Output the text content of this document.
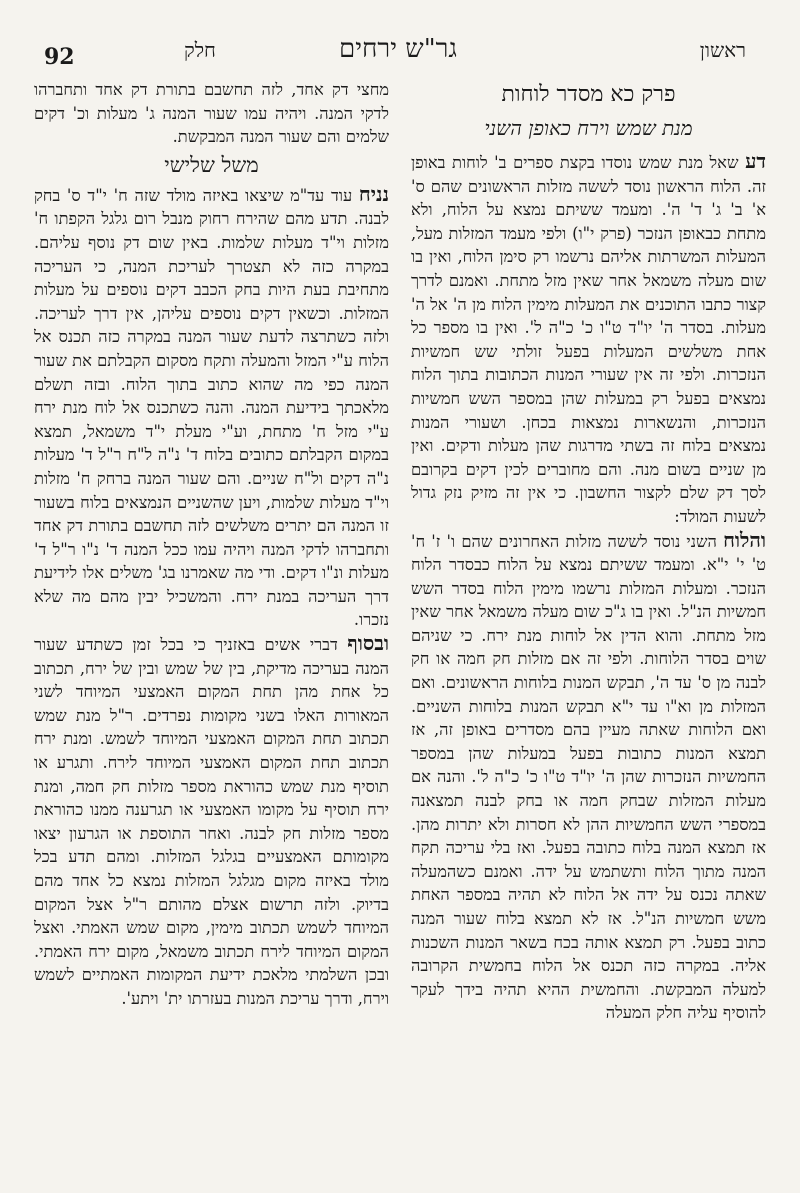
92	חלק	גר"ש ירחים	ראשון
פרק כא מסדר לוחות
מנת שמש וירח כאופן השני

דע שאל מנת שמש נוסדו בקצת ספרים ב' לוחות באופן זה. הלוח הראשון נוסד לששה מזלות הראשונים שהם ס' א' ב' ג' ד' ה'. ומעמד ששיתם נמצא על הלוח, ולא מתחת כבאופן הנזכר (פרק י"ו) ולפי מעמד המזלות מעל, המעלות המשרתות אליהם נרשמו רק סימן הלוח, ואין בו שום מעלה משמאל אחר שאין מזל מתחת. ואמנם לדרך קצור כתבו התוכנים את המעלות מימין הלוח מן ה' אל ה' מעלות. בסדר ה' יו"ד ט"ו כ' כ"ה ל'. ואין בו מספר כל אחת משלשים המעלות בפעל זולתי שש חמשיות הנזכרות. ולפי זה אין שעורי המנות הכתובות בתוך הלוח נמצאים בפעל רק במעלות שהן במספר השש חמשיות הנזכרות, והנשארות נמצאות בכחן. ושעורי המנות נמצאים בלוח זה בשתי מדרגות שהן מעלות ודקים. ואין מן שניים בשום מנה. והם מחוברים לכין דקים בקרובם לסך דק שלם לקצור החשבון. כי אין זה מזיק נזק גדול לשעות המולד:

והלוח השני נוסד לששה מזלות האחרונים שהם ו' ז' ח' ט' י' י"א. ומעמד ששיתם נמצא על הלוח כבסדר הלוח הנזכר. ומעלות המזלות נרשמו מימין הלוח בסדר השש חמשיות הנ"ל. ואין בו ג"כ שום מעלה משמאל אחר שאין מזל מתחת. והוא הדין אל לוחות מנת ירח. כי שניהם שוים בסדר הלוחות. ולפי זה אם מזלות חק חמה או חק לבנה מן ס' עד ה', תבקש המנות בלוחות הראשונים. ואם המזלות מן וא"ו עד י"א תבקש המנות בלוחות השניים. ואם הלוחות שאתה מעיין בהם מסדרים באופן זה, אז תמצא המנות כתובות בפעל במעלות שהן במספר החמשיות הנזכרות שהן ה' יו"ד ט"ו כ' כ"ה ל'. והנה אם מעלות המזלות שבחק חמה או בחק לבנה תמצאנה במספרי השש החמשיות ההן לא חסרות ולא יתרות מהן. אז תמצא המנה בלוח כתובה בפעל. ואז בלי עריכה תקח המנה מתוך הלוח ותשתמש על ידה. ואמנם כשהמעלה שאתה נכנס על ידה אל הלוח לא תהיה במספר האחת משש חמשיות הנ"ל. אז לא תמצא בלוח שעור המנה כתוב בפעל. רק תמצא אותה בכח בשאר המנות השכנות אליה. במקרה כזה תכנס אל הלוח בחמשית הקרובה למעלה המבקשת. והחמשית ההיא תהיה בידך לעקר להוסיף עליה חלק המעלה

מחצי דק אחד, לזה תחשבם בתורת דק אחד ותחברהו לדקי המנה. ויהיה עמו שעור המנה ג' מעלות וכ' דקים שלמים והם שעור המנה המבקשת.

משל שלישי

נניח עוד עד"מ שיצאו באיזה מולד שזה ח' י"ד ס' בחק לבנה. תדע מהם שהירח רחוק מנבל רום גלגל הקפתו ח' מזלות וי"ד מעלות שלמות. באין שום דק נוסף עליהם. במקרה כזה לא תצטרך לעריכת המנה, כי העריכה מתחיבת בעת היות בחק הכבב דקים נוספים על מעלות המזלות. וכשאין דקים נוספים עליהן, אין דרך לעריכה. ולזה כשתרצה לדעת שעור המנה במקרה כזה תכנס אל הלוח ע"י המזל והמעלה ותקח מסקום הקבלתם את שעור המנה כפי מה שהוא כתוב בתוך הלוח. ובזה תשלם מלאכתך בידיעת המנה. והנה כשתכנס אל לוח מנת ירח ע"י מזל ח' מתחת, וע"י מעלת י"ד משמאל, תמצא במקום הקבלתם כתובים בלוח ד' נ"ה ל"ח ר"ל ד' מעלות נ"ה דקים ול"ח שניים. והם שעור המנה ברחק ח' מזלות וי"ד מעלות שלמות, ויען שהשניים הנמצאים בלוח בשעור זו המנה הם יתרים משלשים לזה תחשבם בתורת דק אחד ותחברהו לדקי המנה ויהיה עמו ככל המנה ד' נ"ו ר"ל ד' מעלות ונ"ו דקים. ודי מה שאמרנו בג' משלים אלו לידיעת דרך העריכה במנת ירח. והמשכיל יבין מהם מה שלא נזכרו.

ובסוף דברי אשים באזניך כי בכל זמן כשתדע שעור המנה בעריכה מדיקת, בין של שמש ובין של ירח, תכתוב כל אחת מהן תחת המקום האמצעי המיוחד לשני המאורות האלו בשני מקומות נפרדים. ר"ל מנת שמש תכתוב תחת המקום האמצעי המיוחד לשמש. ומנת ירח תכתוב תחת המקום האמצעי המיוחד לירח. ותגרע או תוסיף מנת שמש כהוראת מספר מזלות חק חמה, ומנת ירח תוסיף על מקומו האמצעי או תגרענה ממנו כהוראת מספר מזלות חק לבנה. ואחר התוספת או הגרעון יצאו מקומותם האמצעיים בגלגל המזלות. ומהם תדע בכל מולד באיזה מקום מגלגל המזלות נמצא כל אחד מהם בדיוק. ולזה תרשום אצלם מהותם ר"ל אצל המקום המיוחד לשמש תכתוב מימין, מקום שמש האמתי. ואצל המקום המיוחד לירח תכתוב משמאל, מקום ירח האמתי. ובכן השלמתי מלאכת ידיעת המקומות האמתיים לשמש וירח, ודרך עריכת המנות בעזרתו ית' ויתע'.
